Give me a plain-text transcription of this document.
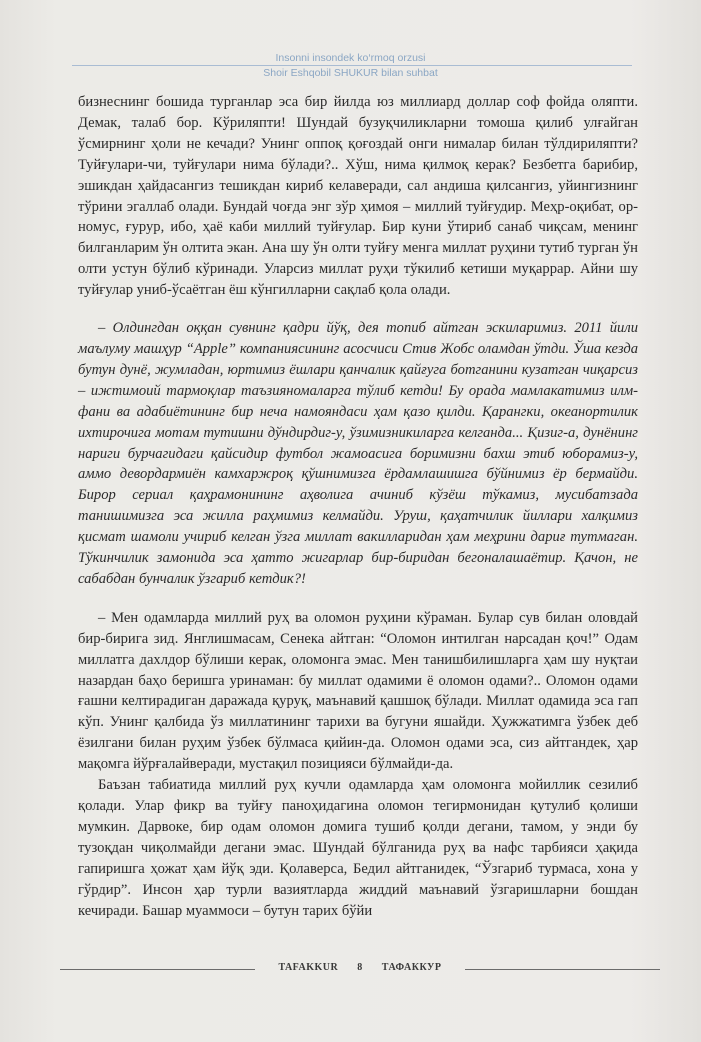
Insonni insondek ko‘rmoq orzusi
Shoir Eshqobil SHUKUR bilan suhbat

бизнеснинг бошида турганлар эса бир йилда юз миллиард доллар соф фойда оляпти. Демак, талаб бор. Кўриляпти! Шундай бузуқчиликларни томоша қилиб улғайган ўсмирнинг ҳоли не кечади? Унинг оппоқ қоғоздай онги нималар билан тўлдириляпти? Туйғулари-чи, туйғулари нима бўлади?.. Хўш, нима қилмоқ керак? Безбетга барибир, эшикдан ҳайдасангиз тешикдан кириб келаверади, сал андиша қилсангиз, уйингизнинг тўрини эгаллаб олади. Бундай чоғда энг зўр ҳимоя – миллий туйғудир. Меҳр-оқибат, ор-номус, ғурур, ибо, ҳаё каби миллий туйғулар. Бир куни ўтириб санаб чиқсам, менинг билганларим ўн олтита экан. Ана шу ўн олти туйғу менга миллат руҳини тутиб турган ўн олти устун бўлиб кўринади. Уларсиз миллат руҳи тўкилиб кетиши муқаррар. Айни шу туйғулар униб-ўсаётган ёш кўнгилларни сақлаб қола олади.

– Олдингдан оққан сувнинг қадри йўқ, дея топиб айтган эскиларимиз. 2011 йили маълуму машҳур “Apple” компаниясининг асосчиси Стив Жобс оламдан ўтди. Ўша кезда бутун дунё, жумладан, юртимиз ёшлари қанчалик қайғуга ботганини кузатган чиқарсиз – ижтимоий тармоқлар таъзияномаларга тўлиб кетди! Бу орада мамлакатимиз илм-фани ва адабиётининг бир неча намояндаси ҳам қазо қилди. Қарангки, океанортилик ихтирочига мотам тутишни дўндирдиг-у, ўзимизникиларга келганда... Қизиг-а, дунёнинг нариги бурчагидаги қайсидир футбол жамоасига боримизни бахш этиб юборамиз-у, аммо девордармиён камхаржроқ қўшнимизга ёрдамлашишга бўйнимиз ёр бермайди. Бирор сериал қаҳрамонининг аҳволига ачиниб кўзёш тўкамиз, мусибатзада танишимизга эса жилла раҳмимиз келмайди. Уруш, қаҳатчилик йиллари халқимиз қисмат шамоли учириб келган ўзга миллат вакилларидан ҳам меҳрини дариғ тутмаган. Тўкинчилик замонида эса ҳатто жигарлар бир-биридан бегоналашаётир. Қачон, не сабабдан бунчалик ўзгариб кетдик?!

– Мен одамларда миллий руҳ ва оломон руҳини кўраман. Булар сув билан оловдай бир-бирига зид. Янглишмасам, Сенека айтган: “Оломон интилган нарсадан қоч!” Одам миллатга дахлдор бўлиши керак, оломонга эмас. Мен танишбилишларга ҳам шу нуқтаи назардан баҳо беришга уринаман: бу миллат одамими ё оломон одами?.. Оломон одами ғашни келтирадиган даражада қуруқ, маънавий қашшоқ бўлади. Миллат одамида эса гап кўп. Унинг қалбида ўз миллатининг тарихи ва бугуни яшайди. Ҳужжатимга ўзбек деб ёзилгани билан руҳим ўзбек бўлмаса қийин-да. Оломон одами эса, сиз айтгандек, ҳар мақомга йўрғалайверади, мустақил позицияси бўлмайди-да.

Баъзан табиатида миллий руҳ кучли одамларда ҳам оломонга мойиллик сезилиб қолади. Улар фикр ва туйғу паноҳидагина оломон тегирмонидан қутулиб қолиши мумкин. Дарвоке, бир одам оломон домига тушиб қолди дегани, тамом, у энди бу тузоқдан чиқолмайди дегани эмас. Шундай бўлганида руҳ ва нафс тарбияси ҳақида гапиришга ҳожат ҳам йўқ эди. Қолаверса, Бедил айтганидек, “Ўзгариб турмаса, хона у гўрдир”. Инсон ҳар турли вазиятларда жиддий маънавий ўзгаришларни бошдан кечиради. Башар муаммоси – бутун тарих бўйи

TAFAKKUR 8 ТАФАККУР
